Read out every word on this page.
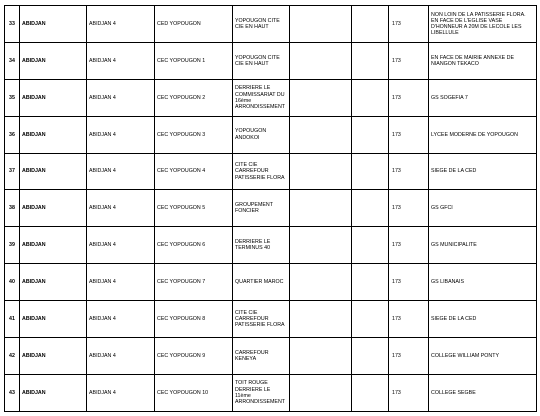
33	ABIDJAN	ABIDJAN 4	CED YOPOUGON	YOPOUGON CITE CIE EN HAUT			173	NON LOIN DE LA PATISSERIE FLORA. EN FACE DE L'EGLISE VASE D'HONNEUR A 20M DE LECOLE LES LIBELLULE
34	ABIDJAN	ABIDJAN 4	CEC YOPOUGON 1	YOPOUGON CITE CIE EN HAUT			173	EN FACE DE MAIRIE ANNEXE DE NIANGON TEKACO
35	ABIDJAN	ABIDJAN 4	CEC YOPOUGON 2	DERRIERE LE COMMISSARIAT DU 16ème ARRONDISSEMENT			173	GS SOGEFIA 7
36	ABIDJAN	ABIDJAN 4	CEC YOPOUGON 3	YOPOUGON ANDOKOI			173	LYCEE MODERNE DE YOPOUGON
37	ABIDJAN	ABIDJAN 4	CEC YOPOUGON 4	CITE CIE CARREFOUR PATISSERIE FLORA			173	SIEGE DE LA CED
38	ABIDJAN	ABIDJAN 4	CEC YOPOUGON 5	GROUPEMENT FONCIER			173	GS GFCI
39	ABIDJAN	ABIDJAN 4	CEC YOPOUGON 6	DERRIERE LE TERMINUS 40			173	GS MUNICIPALITE
40	ABIDJAN	ABIDJAN 4	CEC YOPOUGON 7	QUARTIER MAROC			173	GS LIBANAIS
41	ABIDJAN	ABIDJAN 4	CEC YOPOUGON 8	CITE CIE CARREFOUR PATISSERIE FLORA			173	SIEGE DE LA CED
42	ABIDJAN	ABIDJAN 4	CEC YOPOUGON 9	CARREFOUR KENEYA			173	COLLEGE WILLIAM PONTY
43	ABIDJAN	ABIDJAN 4	CEC YOPOUGON 10	TOIT ROUGE DERRIERE LE 11ème ARRONDISSEMENT			173	COLLEGE SEGBE
